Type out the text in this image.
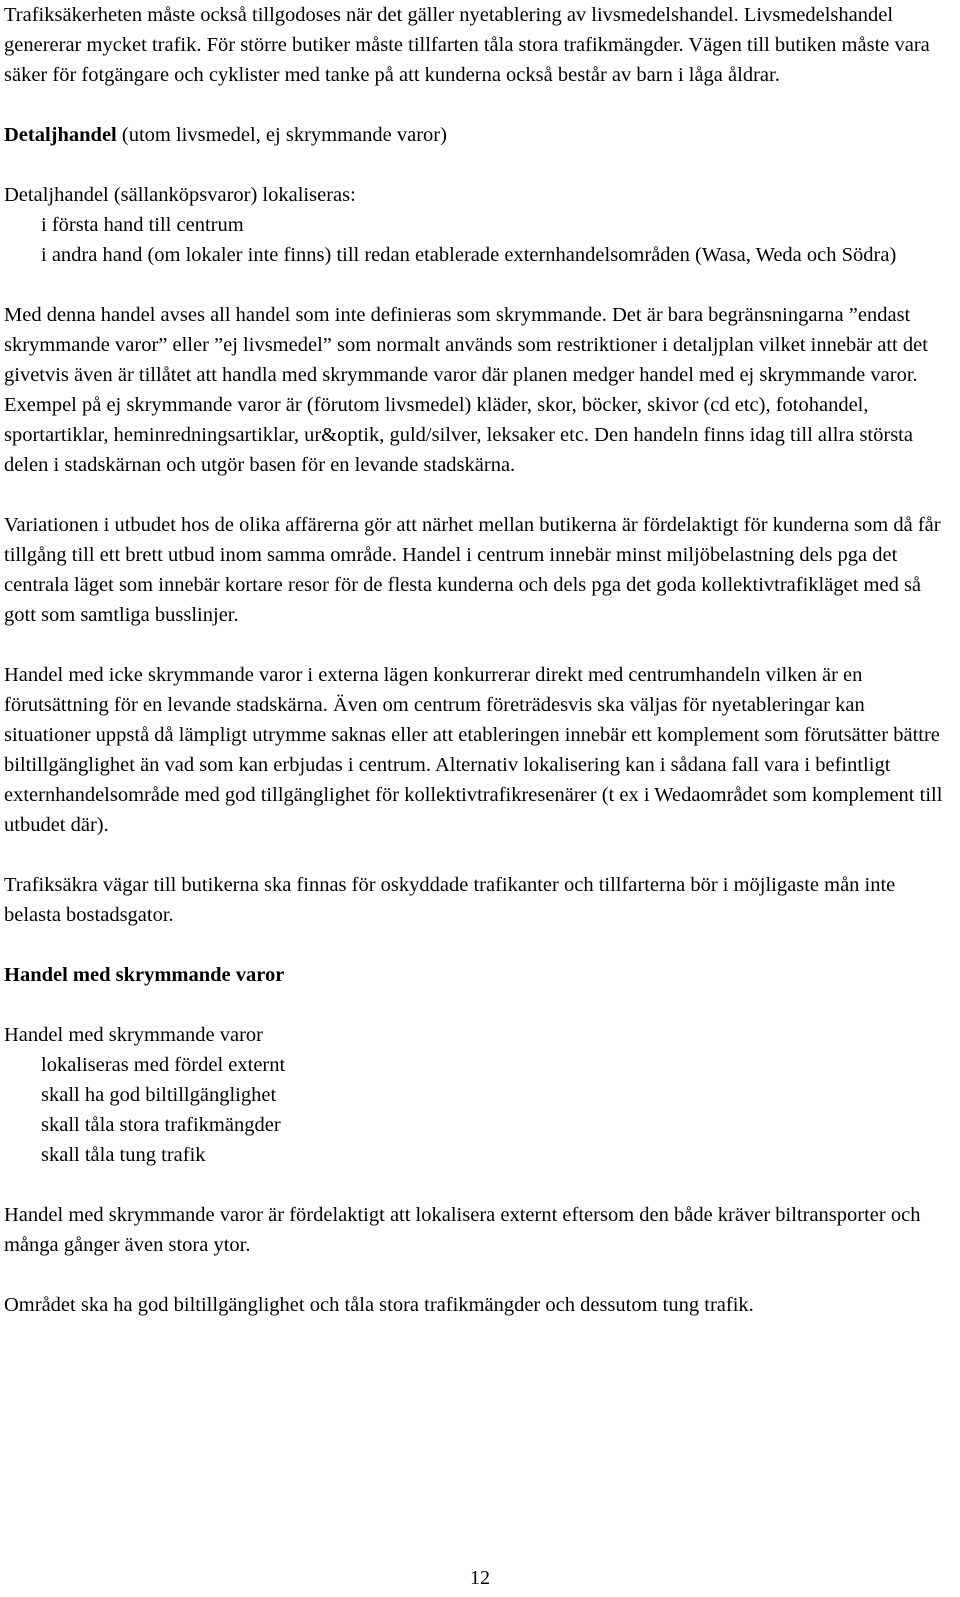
Trafiksäkerheten måste också tillgodoses när det gäller nyetablering av livsmedelshandel. Livsmedelshandel genererar mycket trafik. För större butiker måste tillfarten tåla stora trafikmängder. Vägen till butiken måste vara säker för fotgängare och cyklister med tanke på att kunderna också består av barn i låga åldrar.

Detaljhandel (utom livsmedel, ej skrymmande varor)

Detaljhandel (sällanköpsvaror) lokaliseras:

i första hand till centrum

i andra hand (om lokaler inte finns) till redan etablerade externhandelsområden (Wasa, Weda och Södra)

Med denna handel avses all handel som inte definieras som skrymmande. Det är bara begränsningarna ”endast skrymmande varor” eller ”ej livsmedel” som normalt används som restriktioner i detaljplan vilket innebär att det givetvis även är tillåtet att handla med skrymmande varor där planen medger handel med ej skrymmande varor. Exempel på ej skrymmande varor är (förutom livsmedel) kläder, skor, böcker, skivor (cd etc), fotohandel, sportartiklar, heminredningsartiklar, ur&optik, guld/silver, leksaker etc. Den handeln finns idag till allra största delen i stadskärnan och utgör basen för en levande stadskärna.

Variationen i utbudet hos de olika affärerna gör att närhet mellan butikerna är fördelaktigt för kunderna som då får tillgång till ett brett utbud inom samma område. Handel i centrum innebär minst miljöbelastning dels pga det centrala läget som innebär kortare resor för de flesta kunderna och dels pga det goda kollektivtrafikläget med så gott som samtliga busslinjer.

Handel med icke skrymmande varor i externa lägen konkurrerar direkt med centrumhandeln vilken är en förutsättning för en levande stadskärna. Även om centrum företrädesvis ska väljas för nyetableringar kan situationer uppstå då lämpligt utrymme saknas eller att etableringen innebär ett komplement som förutsätter bättre biltillgänglighet än vad som kan erbjudas i centrum. Alternativ lokalisering kan i sådana fall vara i befintligt externhandelsområde med god tillgänglighet för kollektivtrafikresenärer (t ex i Wedaområdet som komplement till utbudet där).

Trafiksäkra vägar till butikerna ska finnas för oskyddade trafikanter och tillfarterna bör i möjligaste mån inte belasta bostadsgator.

Handel med skrymmande varor

Handel med skrymmande varor

lokaliseras med fördel externt

skall ha god biltillgänglighet

skall tåla stora trafikmängder

skall tåla tung trafik

Handel med skrymmande varor är fördelaktigt att lokalisera externt eftersom den både kräver biltransporter och många gånger även stora ytor.

Området ska ha god biltillgänglighet och tåla stora trafikmängder och dessutom tung trafik.

12
